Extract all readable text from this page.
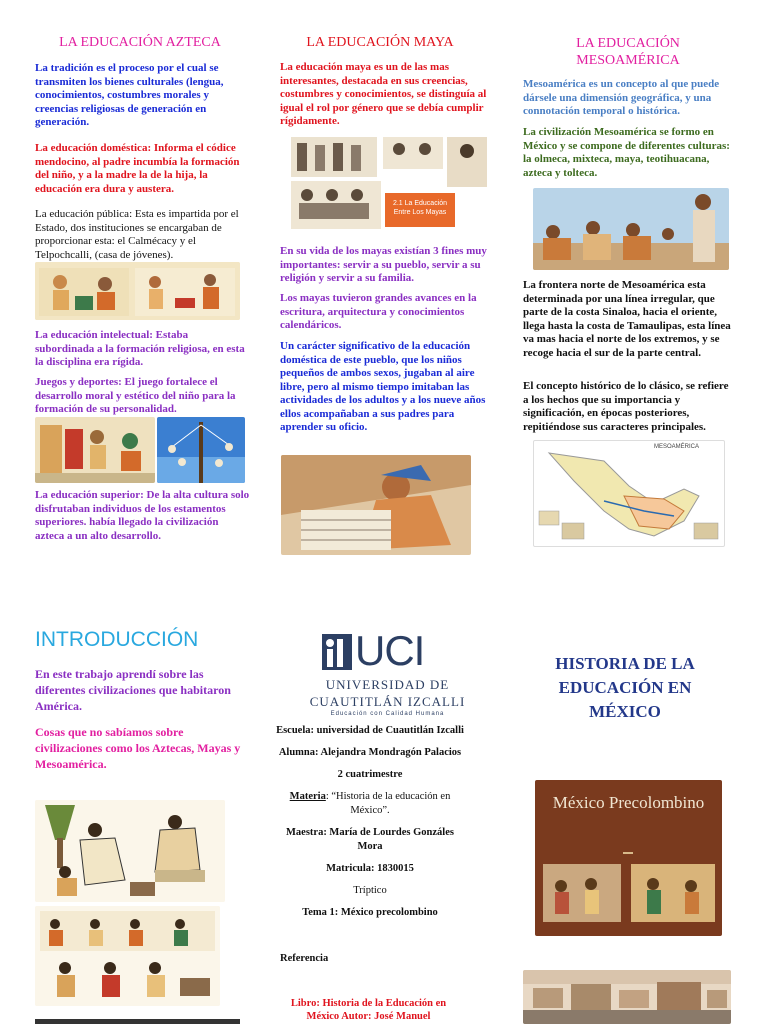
LA EDUCACIÓN AZTECA

La tradición es el proceso por el cual se transmiten los bienes culturales (lengua, conocimientos, costumbres morales y creencias religiosas de generación en generación.

La educación doméstica: Informa el códice mendocino, al padre incumbía la formación del niño, y a la madre la de la hija, la educación era dura y austera.

La educación pública: Esta es impartida por el Estado, dos instituciones se encargaban de proporcionar esta: el Calmécacy y el Telpochcalli, (casa de jóvenes).

La educación intelectual: Estaba subordinada a la formación religiosa, en esta la disciplina era rígida.

Juegos y deportes: El juego fortalece el desarrollo moral y estético del niño para la formación de su personalidad.

La educación superior: De la alta cultura solo disfrutaban individuos de los estamentos superiores. había llegado la civilización azteca a un alto desarrollo.

LA EDUCACIÓN MAYA

La educación maya es un de las mas interesantes, destacada en sus creencias, costumbres y conocimientos, se distinguía al igual el rol por género que se debía cumplir rígidamente.

2.1 La Educación Entre Los Mayas

En su vida de los mayas existían 3 fines muy importantes: servir a su pueblo, servir a su religión y servir a su familia.

Los mayas tuvieron grandes avances en la escritura, arquitectura y conocimientos calendáricos.

Un carácter significativo de la educación doméstica de este pueblo, que los niños pequeños de ambos sexos, jugaban al aire libre, pero al mismo tiempo imitaban las actividades de los adultos y a los nueve años ellos acompañaban a sus padres para aprender su oficio.

LA EDUCACIÓN MESOAMÉRICA

Mesoamérica es un concepto al que puede dársele una dimensión geográfica, y una connotación temporal o histórica.

La civilización Mesoamérica se formo en México y se compone de diferentes culturas: la olmeca, mixteca, maya, teotihuacana, azteca y tolteca.

La frontera norte de Mesoamérica esta determinada por una línea irregular, que parte de la costa Sinaloa, hacia el oriente, llega hasta la costa de Tamaulipas, esta línea va mas hacia el norte de los extremos, y se recoge hacia el sur de la parte central.

El concepto histórico de lo clásico, se refiere a los hechos que su importancia y significación, en épocas posteriores, repitiéndose sus caracteres principales.

MESOAMÉRICA
INTRODUCCIÓN

En este trabajo aprendí sobre las diferentes civilizaciones que habitaron América.

Cosas que no sabíamos sobre civilizaciones como los Aztecas, Mayas y Mesoamérica.

UCI
UNIVERSIDAD DE CUAUTITLÁN IZCALLI
Educación con Calidad Humana
Escuela: universidad de Cuautitlán Izcalli
Alumna: Alejandra Mondragón Palacios
2 cuatrimestre
Materia: “Historia de la educación en México”.
Maestra: María de Lourdes Gonzáles Mora
Matricula: 1830015
Tríptico
Tema 1: México precolombino
Referencia
Libro: Historia de la Educación en México Autor: José Manuel
HISTORIA DE LA EDUCACIÓN EN MÉXICO
México Precolombino
